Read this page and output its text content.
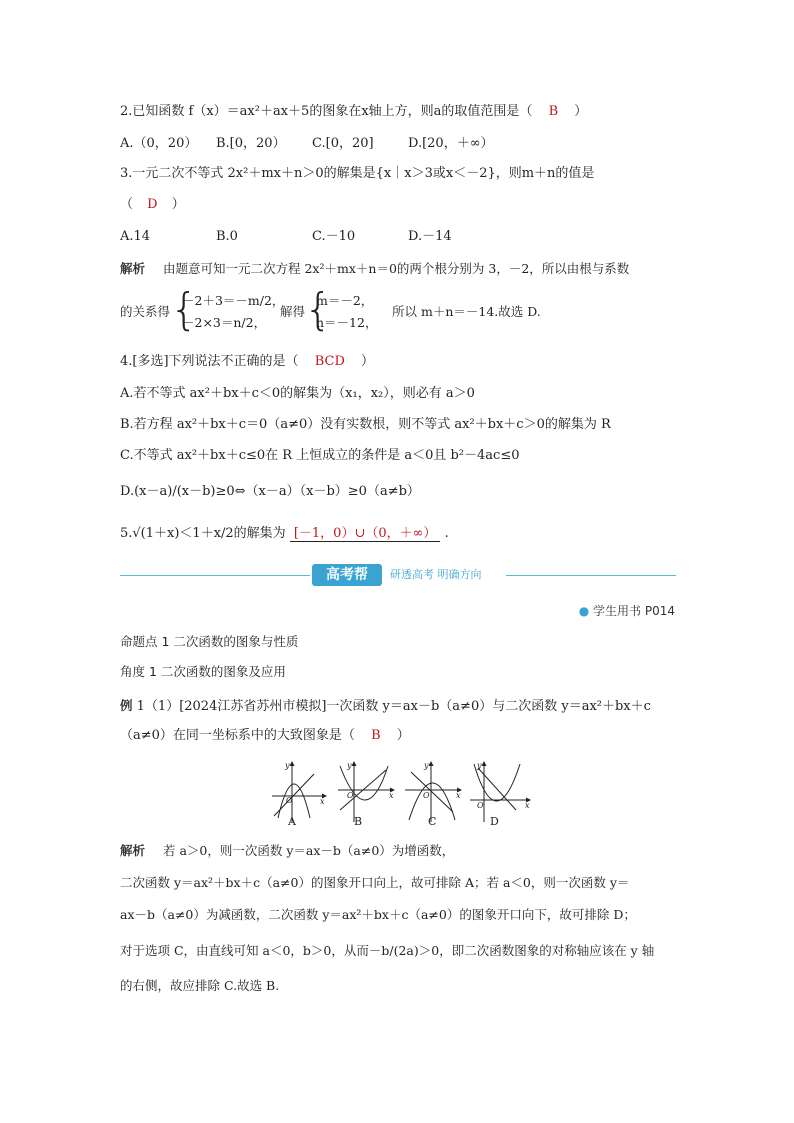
2.已知函数 f（x）＝ax²＋ax＋5的图象在x轴上方，则a的取值范围是（ B ）
A.（0，20） B.[0，20） C.[0，20]	D.[20，＋∞）
3.一元二次不等式 2x²＋mx＋n＞0的解集是{x｜x＞3或x＜－2}，则m＋n的值是
（ D ）
A.14	B.0	C.－10	D.－14
解析 由题意可知一元二次方程 2x²＋mx＋n＝0的两个根分别为 3，－2，所以由根与系数
的关系得 {
－2＋3＝－m/2，
－2×3＝n/2，
解得
{
m＝－2，
n＝－12，
所以 m＋n＝－14.故选 D.
4.[多选]下列说法不正确的是（ BCD ）
A.若不等式 ax²＋bx＋c＜0的解集为（x₁，x₂），则必有 a＞0
B.若方程 ax²＋bx＋c＝0（a≠0）没有实数根，则不等式 ax²＋bx＋c＞0的解集为 R
C.不等式 ax²＋bx＋c≤0在 R 上恒成立的条件是 a＜0且 b²－4ac≤0
D.(x－a)/(x－b)≥0⇔（x－a）（x－b）≥0（a≠b）
5.√(1＋x)＜1＋x/2的解集为 [－1，0）∪（0，＋∞） .
高考帮	研透高考 明确方向
● 学生用书 P014
命题点 1 二次函数的图象与性质
角度 1 二次函数的图象及应用
例 1（1）[2024江苏省苏州市模拟]一次函数 y＝ax－b（a≠0）与二次函数 y＝ax²＋bx＋c
（a≠0）在同一坐标系中的大致图象是（ B ）
O	x
y
O	x
y
O	x
y
O	x
y
A	B	C	D
解析 若 a＞0，则一次函数 y＝ax－b（a≠0）为增函数，
二次函数 y＝ax²＋bx＋c（a≠0）的图象开口向上，故可排除 A；若 a＜0，则一次函数 y＝
ax－b（a≠0）为减函数，二次函数 y＝ax²＋bx＋c（a≠0）的图象开口向下，故可排除 D；
对于选项 C，由直线可知 a＜0，b＞0，从而－b/(2a)＞0，即二次函数图象的对称轴应该在 y 轴
的右侧，故应排除 C.故选 B.
